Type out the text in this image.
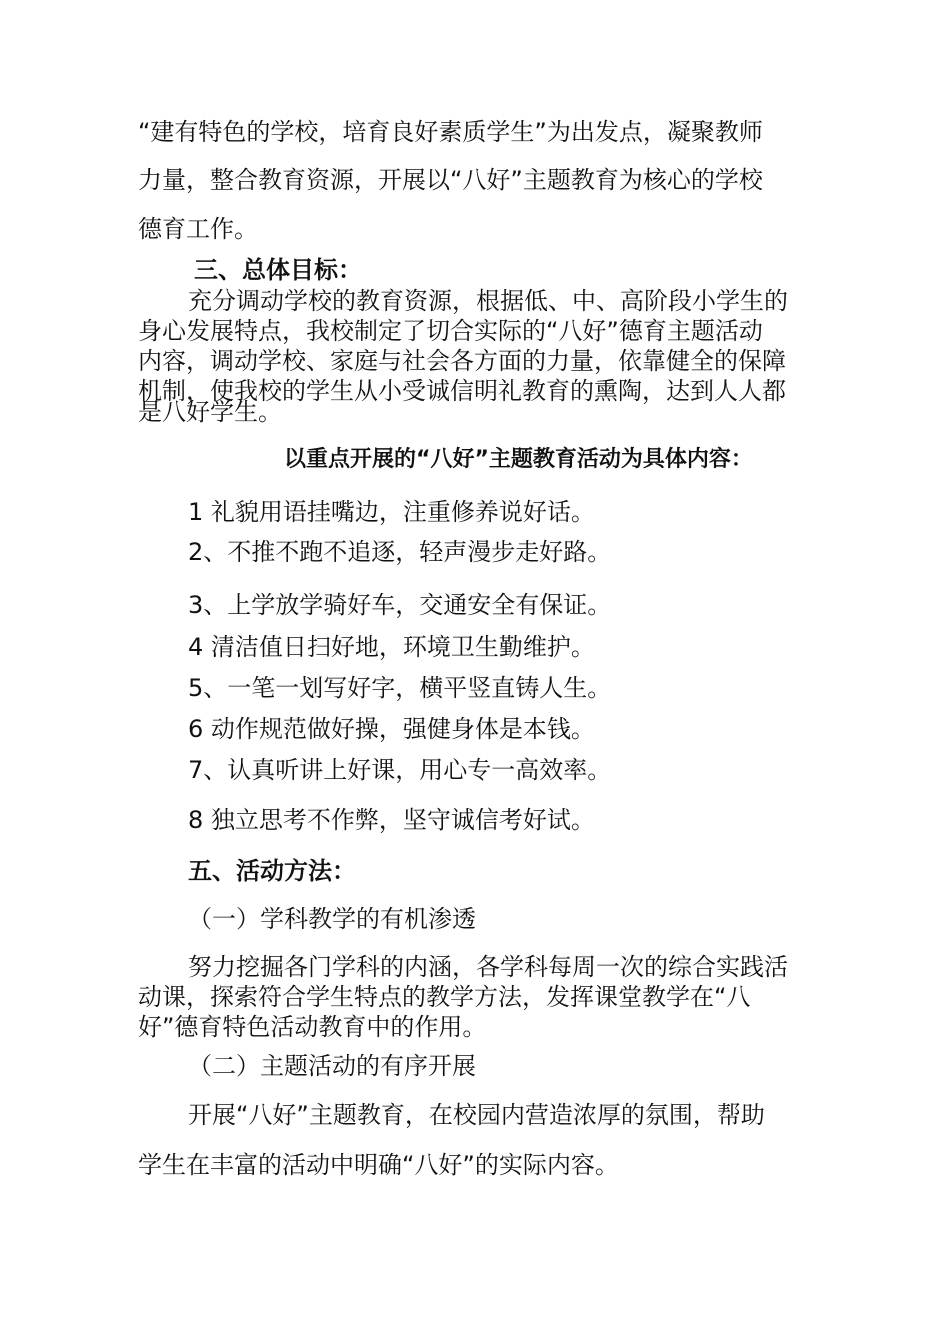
“建有特色的学校，培育良好素质学生”为出发点，凝聚教师
力量，整合教育资源，开展以“八好”主题教育为核心的学校
德育工作。
三、总体目标：
充分调动学校的教育资源，根据低、中、高阶段小学生的
身心发展特点，我校制定了切合实际的“八好”德育主题活动
内容，调动学校、家庭与社会各方面的力量，依靠健全的保障
机制，使我校的学生从小受诚信明礼教育的熏陶，达到人人都
是八好学生。
以重点开展的“八好”主题教育活动为具体内容：
1 礼貌用语挂嘴边，注重修养说好话。
2、不推不跑不追逐，轻声漫步走好路。
3、上学放学骑好车，交通安全有保证。
4 清洁值日扫好地，环境卫生勤维护。
5、一笔一划写好字，横平竖直铸人生。
6 动作规范做好操，强健身体是本钱。
7、认真听讲上好课，用心专一高效率。
8 独立思考不作弊，坚守诚信考好试。
五、活动方法：
（一）学科教学的有机渗透
努力挖掘各门学科的内涵，各学科每周一次的综合实践活
动课，探索符合学生特点的教学方法，发挥课堂教学在“八
好”德育特色活动教育中的作用。
（二）主题活动的有序开展
开展“八好”主题教育，在校园内营造浓厚的氛围，帮助
学生在丰富的活动中明确“八好”的实际内容。
